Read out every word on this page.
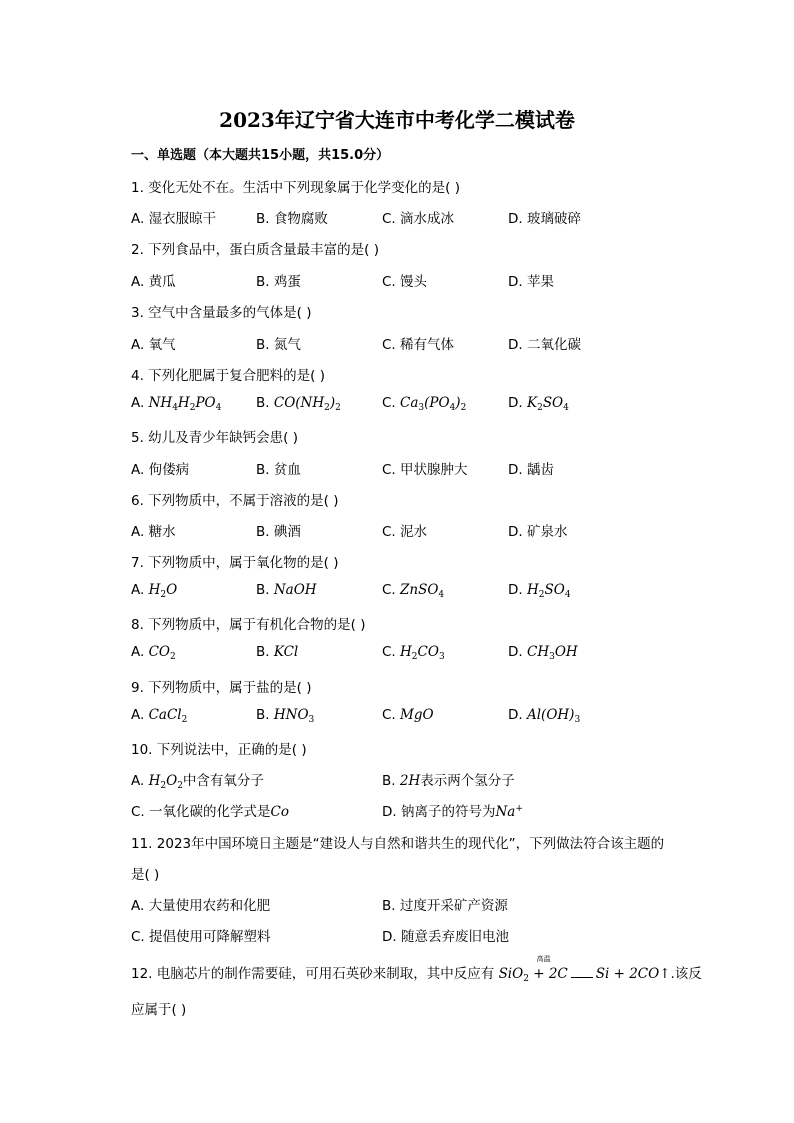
2023年辽宁省大连市中考化学二模试卷
一、单选题（本大题共15小题，共15.0分）
1. 变化无处不在。生活中下列现象属于化学变化的是( )
A. 湿衣服晾干	B. 食物腐败	C. 滴水成冰	D. 玻璃破碎
2. 下列食品中，蛋白质含量最丰富的是( )
A. 黄瓜	B. 鸡蛋	C. 馒头	D. 苹果
3. 空气中含量最多的气体是( )
A. 氧气	B. 氮气	C. 稀有气体	D. 二氧化碳
4. 下列化肥属于复合肥料的是( )
A. $NH_4H_2PO_4$	B. $CO(NH_2)_2$	C. $Ca_3(PO_4)_2$	D. $K_2SO_4$
5. 幼儿及青少年缺钙会患( )
A. 佝偻病	B. 贫血	C. 甲状腺肿大	D. 龋齿
6. 下列物质中，不属于溶液的是( )
A. 糖水	B. 碘酒	C. 泥水	D. 矿泉水
7. 下列物质中，属于氧化物的是( )
A. $H_2O$	B. NaOH	C. ZnSO$_4$	D. $H_2SO_4$
8. 下列物质中，属于有机化合物的是( )
A. $CO_2$	B. KCl	C. $H_2CO_3$	D. $CH_3OH$
9. 下列物质中，属于盐的是( )
A. CaCl$_2$	B. $HNO_3$	C. MgO	D. $Al(OH)_3$
10. 下列说法中，正确的是( )
A. $H_2O_2$中含有氧分子	B. 2H表示两个氢分子
C. 一氧化碳的化学式是Co	D. 钠离子的符号为Na+
11. 2023年中国环境日主题是“建设人与自然和谐共生的现代化”，下列做法符合该主题的
是( )
A. 大量使用农药和化肥	B. 过度开采矿产资源
C. 提倡使用可降解塑料	D. 随意丢弃废旧电池
12. 电脑芯片的制作需要硅，可用石英砂来制取，其中反应有
高温
SiO$_2$ + 2C Si + 2CO↑.该反
应属于( )
